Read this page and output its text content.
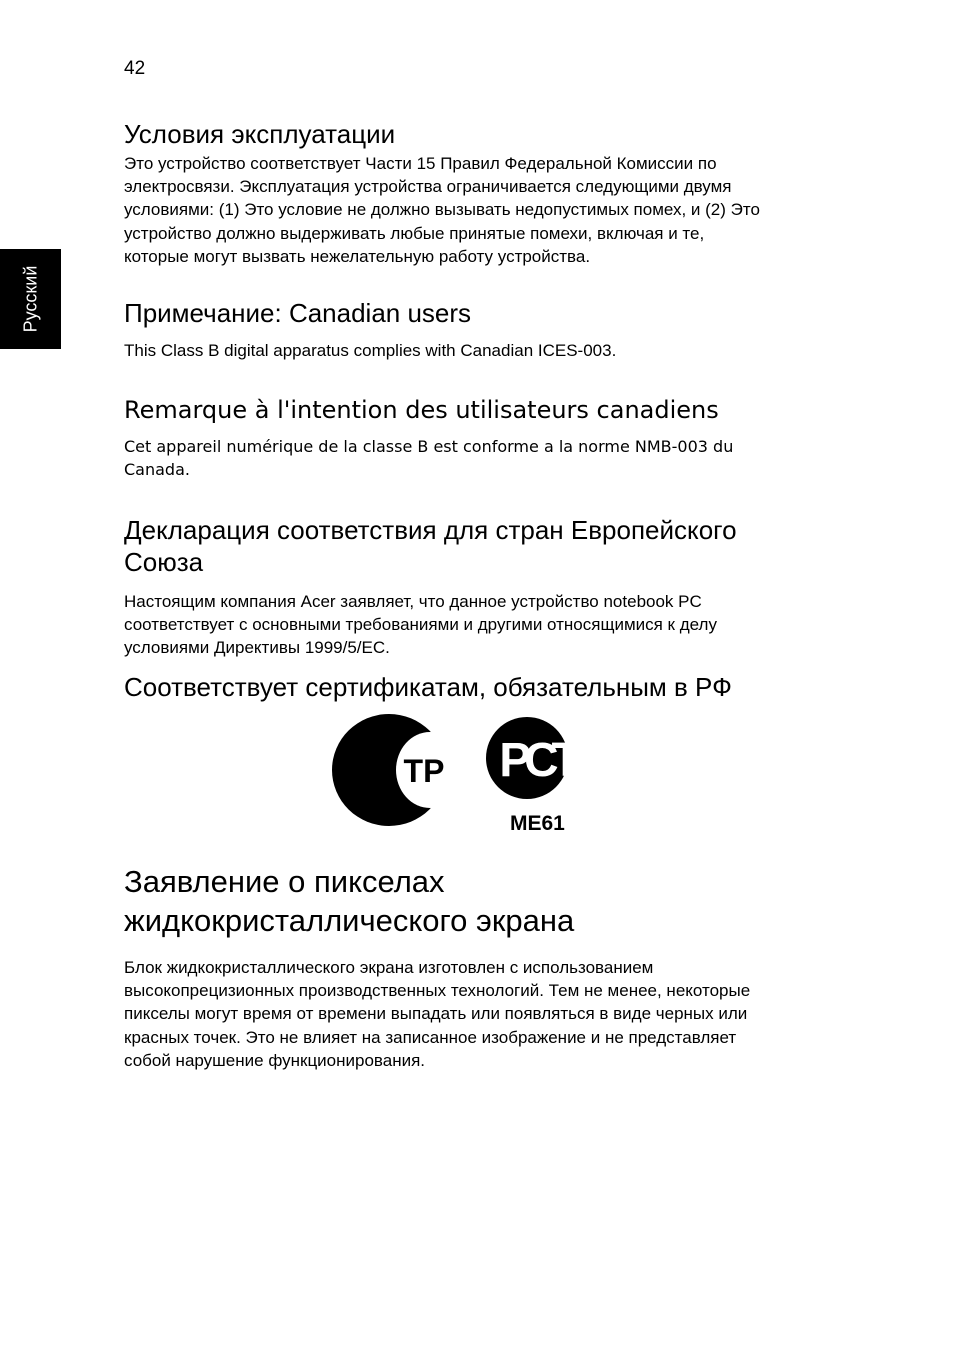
42
Русский
Условия эксплуатации

Это устройство соответствует Части 15 Правил Федеральной Комиссии по

электросвязи. Эксплуатация устройства ограничивается следующими двумя

условиями: (1) Это условие не должно вызывать недопустимых помех, и (2) Это

устройство должно выдерживать любые принятые помехи, включая и те,

которые могут вызвать нежелательную работу устройства.

Примечание: Canadian users

This Class B digital apparatus complies with Canadian ICES-003.

Remarque à l'intention des utilisateurs canadiens

Cet appareil numérique de la classe B est conforme a la norme NMB-003 du

Canada.

Декларация соответствия для стран Европейского
Союза

Настоящим компания Acer заявляет, что данное устройство notebook PC

соответствует с основными требованиями и другими относящимися к делу

условиями Директивы 1999/5/EC.

Соответствует сертификатам, обязательным в РФ
ТР РСТ
ME61
Заявление о пикселах
жидкокристаллического экрана

Блок жидкокристаллического экрана изготовлен с использованием

высокопрецизионных производственных технологий. Тем не менее, некоторые

пикселы могут время от времени выпадать или появляться в виде черных или

красных точек. Это не влияет на записанное изображение и не представляет

собой нарушение функционирования.
